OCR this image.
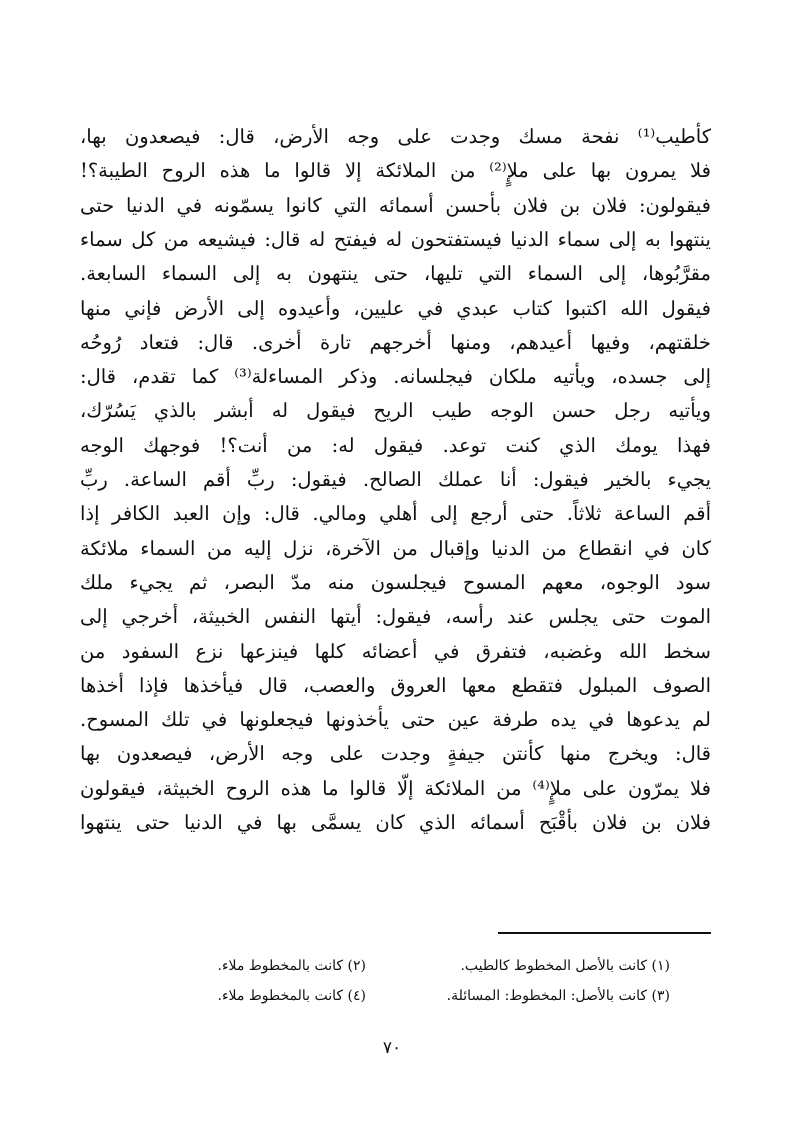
كأطيب⁽¹⁾ نفحة مسك وجدت على وجه الأرض، قال: فيصعدون بها،
فلا يمرون بها على ملإٍ⁽²⁾ من الملائكة إلا قالوا ما هذه الروح الطيبة؟!
فيقولون: فلان بن فلان بأحسن أسمائه التي كانوا يسمّونه في الدنيا حتى
ينتهوا به إلى سماء الدنيا فيستفتحون له فيفتح له قال: فيشيعه من كل سماء
مقرَّبُوها، إلى السماء التي تليها، حتى ينتهون به إلى السماء السابعة.
فيقول الله اكتبوا كتاب عبدي في عليين، وأعيدوه إلى الأرض فإني منها
خلقتهم، وفيها أعيدهم، ومنها أخرجهم تارة أخرى. قال: فتعاد رُوحُه
إلى جسده، ويأتيه ملكان فيجلسانه. وذكر المساءلة⁽³⁾ كما تقدم، قال:
ويأتيه رجل حسن الوجه طيب الريح فيقول له أبشر بالذي يَسُرّك،
فهذا يومك الذي كنت توعد. فيقول له: من أنت؟! فوجهك الوجه
يجيء بالخير فيقول: أنا عملك الصالح. فيقول: ربِّ أقم الساعة. ربِّ
أقم الساعة ثلاثاً. حتى أرجع إلى أهلي ومالي. قال: وإن العبد الكافر إذا
كان في انقطاع من الدنيا وإقبال من الآخرة، نزل إليه من السماء ملائكة
سود الوجوه، معهم المسوح فيجلسون منه مدّ البصر، ثم يجيء ملك
الموت حتى يجلس عند رأسه، فيقول: أيتها النفس الخبيثة، أخرجي إلى
سخط الله وغضبه، فتفرق في أعضائه كلها فينزعها نزع السفود من
الصوف المبلول فتقطع معها العروق والعصب، قال فيأخذها فإذا أخذها
لم يدعوها في يده طرفة عين حتى يأخذونها فيجعلونها في تلك المسوح.
قال: ويخرج منها كأنتن جيفةٍ وجدت على وجه الأرض، فيصعدون بها
فلا يمرّون على ملإٍ⁽⁴⁾ من الملائكة إلّا قالوا ما هذه الروح الخبيثة، فيقولون
فلان بن فلان بأقْبَح أسمائه الذي كان يسمَّى بها في الدنيا حتى ينتهوا
(١) كانت بالأصل المخطوط كالطيب.
(٢) كانت بالمخطوط ملاء.
(٣) كانت بالأصل: المخطوط: المسائلة.
(٤) كانت بالمخطوط ملاء.
٧٠
